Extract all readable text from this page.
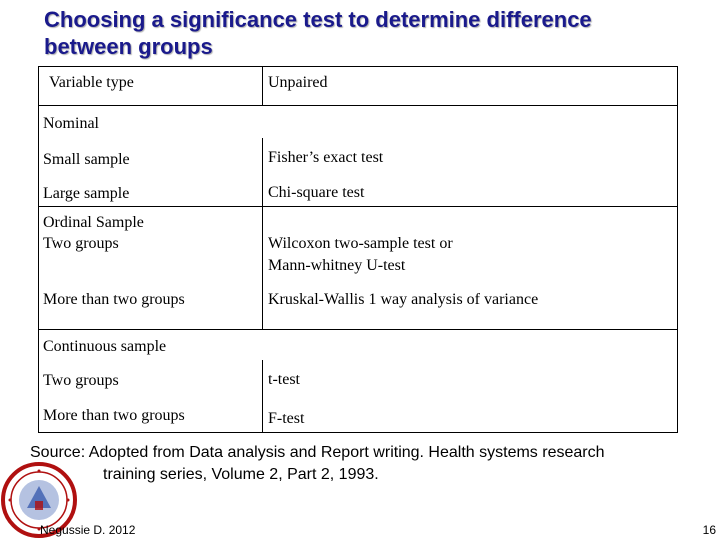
Choosing a significance test to determine difference
between groups
Variable type	Unpaired
Nominal
Small sample	Fisher’s exact test
Large sample	Chi-square test
Ordinal Sample
Two groups	Wilcoxon two-sample test or
Mann-whitney U-test
More than two groups	Kruskal-Wallis 1 way analysis of variance
Continuous sample
Two groups	t-test
More than two groups	F-test
Source: Adopted from Data analysis and Report writing. Health systems research
training series, Volume 2, Part 2, 1993.
Negussie D. 2012	16
